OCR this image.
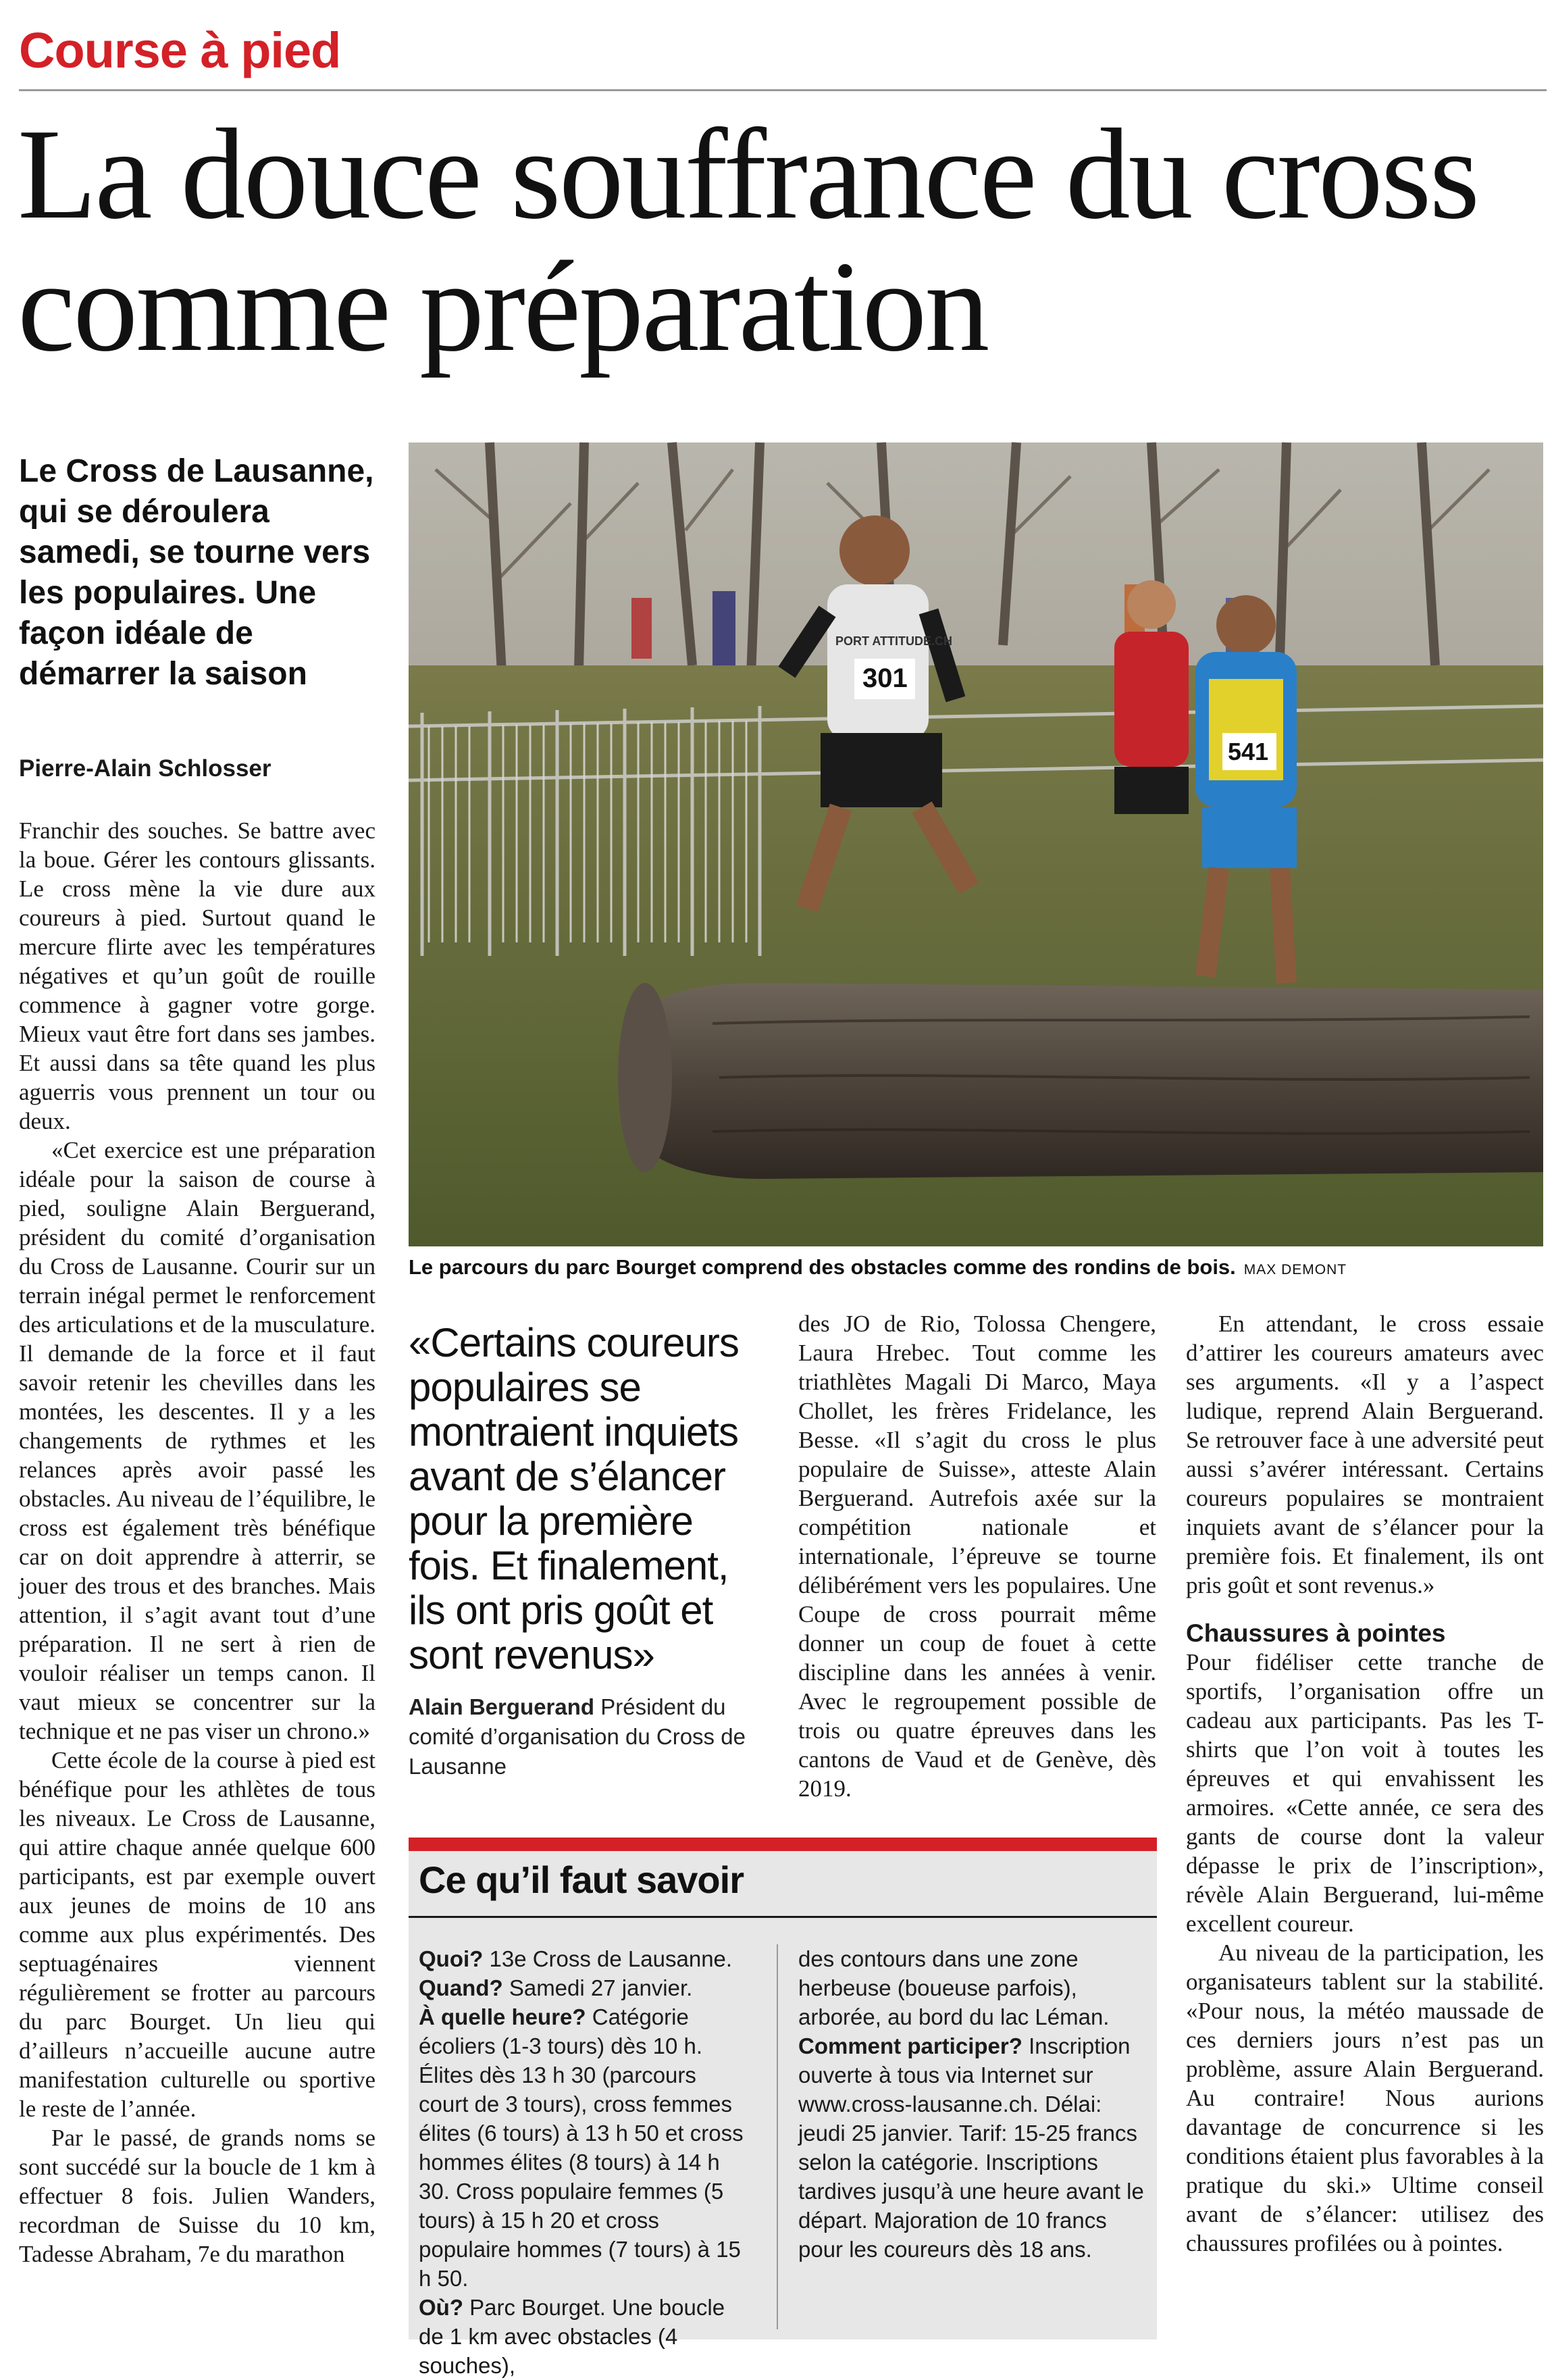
Course à pied
La douce souffrance du cross comme préparation
Le Cross de Lausanne, qui se déroulera samedi, se tourne vers les populaires. Une façon idéale de démarrer la saison
Pierre-Alain Schlosser

Franchir des souches. Se battre avec la boue. Gérer les contours glissants. Le cross mène la vie dure aux coureurs à pied. Surtout quand le mercure flirte avec les températures négatives et qu’un goût de rouille commence à gagner votre gorge. Mieux vaut être fort dans ses jambes. Et aussi dans sa tête quand les plus aguerris vous prennent un tour ou deux.

«Cet exercice est une préparation idéale pour la saison de course à pied, souligne Alain Berguerand, président du comité d’organisation du Cross de Lausanne. Courir sur un terrain inégal permet le renforcement des articulations et de la musculature. Il demande de la force et il faut savoir retenir les chevilles dans les montées, les descentes. Il y a les changements de rythmes et les relances après avoir passé les obstacles. Au niveau de l’équilibre, le cross est également très bénéfique car on doit apprendre à atterrir, se jouer des trous et des branches. Mais attention, il s’agit avant tout d’une préparation. Il ne sert à rien de vouloir réaliser un temps canon. Il vaut mieux se concentrer sur la technique et ne pas viser un chrono.»

Cette école de la course à pied est bénéfique pour les athlètes de tous les niveaux. Le Cross de Lausanne, qui attire chaque année quelque 600 participants, est par exemple ouvert aux jeunes de moins de 10 ans comme aux plus expérimentés. Des septuagénaires viennent régulièrement se frotter au parcours du parc Bourget. Un lieu qui d’ailleurs n’accueille aucune autre manifestation culturelle ou sportive le reste de l’année.

Par le passé, de grands noms se sont succédé sur la boucle de 1 km à effectuer 8 fois. Julien Wanders, recordman de Suisse du 10 km, Tadesse Abraham, 7e du marathon

301
541
PORT ATTITUDE.CH
Le parcours du parc Bourget comprend des obstacles comme des rondins de bois. MAX DEMONT
«Certains coureurs populaires se montraient inquiets avant de s’élancer pour la première fois. Et finalement, ils ont pris goût et sont revenus»
Alain Berguerand Président du comité d’organisation du Cross de Lausanne

des JO de Rio, Tolossa Chengere, Laura Hrebec. Tout comme les triathlètes Magali Di Marco, Maya Chollet, les frères Fridelance, les Besse. «Il s’agit du cross le plus populaire de Suisse», atteste Alain Berguerand. Autrefois axée sur la compétition nationale et internationale, l’épreuve se tourne délibérément vers les populaires. Une Coupe de cross pourrait même donner un coup de fouet à cette discipline dans les années à venir. Avec le regroupement possible de trois ou quatre épreuves dans les cantons de Vaud et de Genève, dès 2019.

En attendant, le cross essaie d’attirer les coureurs amateurs avec ses arguments. «Il y a l’aspect ludique, reprend Alain Berguerand. Se retrouver face à une adversité peut aussi s’avérer intéressant. Certains coureurs populaires se montraient inquiets avant de s’élancer pour la première fois. Et finalement, ils ont pris goût et sont revenus.»

Chaussures à pointes

Pour fidéliser cette tranche de sportifs, l’organisation offre un cadeau aux participants. Pas les T-shirts que l’on voit à toutes les épreuves et qui envahissent les armoires. «Cette année, ce sera des gants de course dont la valeur dépasse le prix de l’inscription», révèle Alain Berguerand, lui-même excellent coureur.

Au niveau de la participation, les organisateurs tablent sur la stabilité. «Pour nous, la météo maussade de ces derniers jours n’est pas un problème, assure Alain Berguerand. Au contraire! Nous aurions davantage de concurrence si les conditions étaient plus favorables à la pratique du ski.» Ultime conseil avant de s’élancer: utilisez des chaussures profilées ou à pointes.

Ce qu’il faut savoir

Quoi? 13e Cross de Lausanne.

Quand? Samedi 27 janvier.

À quelle heure? Catégorie écoliers (1-3 tours) dès 10 h. Élites dès 13 h 30 (parcours court de 3 tours), cross femmes élites (6 tours) à 13 h 50 et cross hommes élites (8 tours) à 14 h 30. Cross populaire femmes (5 tours) à 15 h 20 et cross populaire hommes (7 tours) à 15 h 50.

Où? Parc Bourget. Une boucle de 1 km avec obstacles (4 souches),

des contours dans une zone herbeuse (boueuse parfois), arborée, au bord du lac Léman.

Comment participer? Inscription ouverte à tous via Internet sur www.cross-lausanne.ch. Délai: jeudi 25 janvier. Tarif: 15-25 francs selon la catégorie. Inscriptions tardives jusqu’à une heure avant le départ. Majoration de 10 francs pour les coureurs dès 18 ans.
